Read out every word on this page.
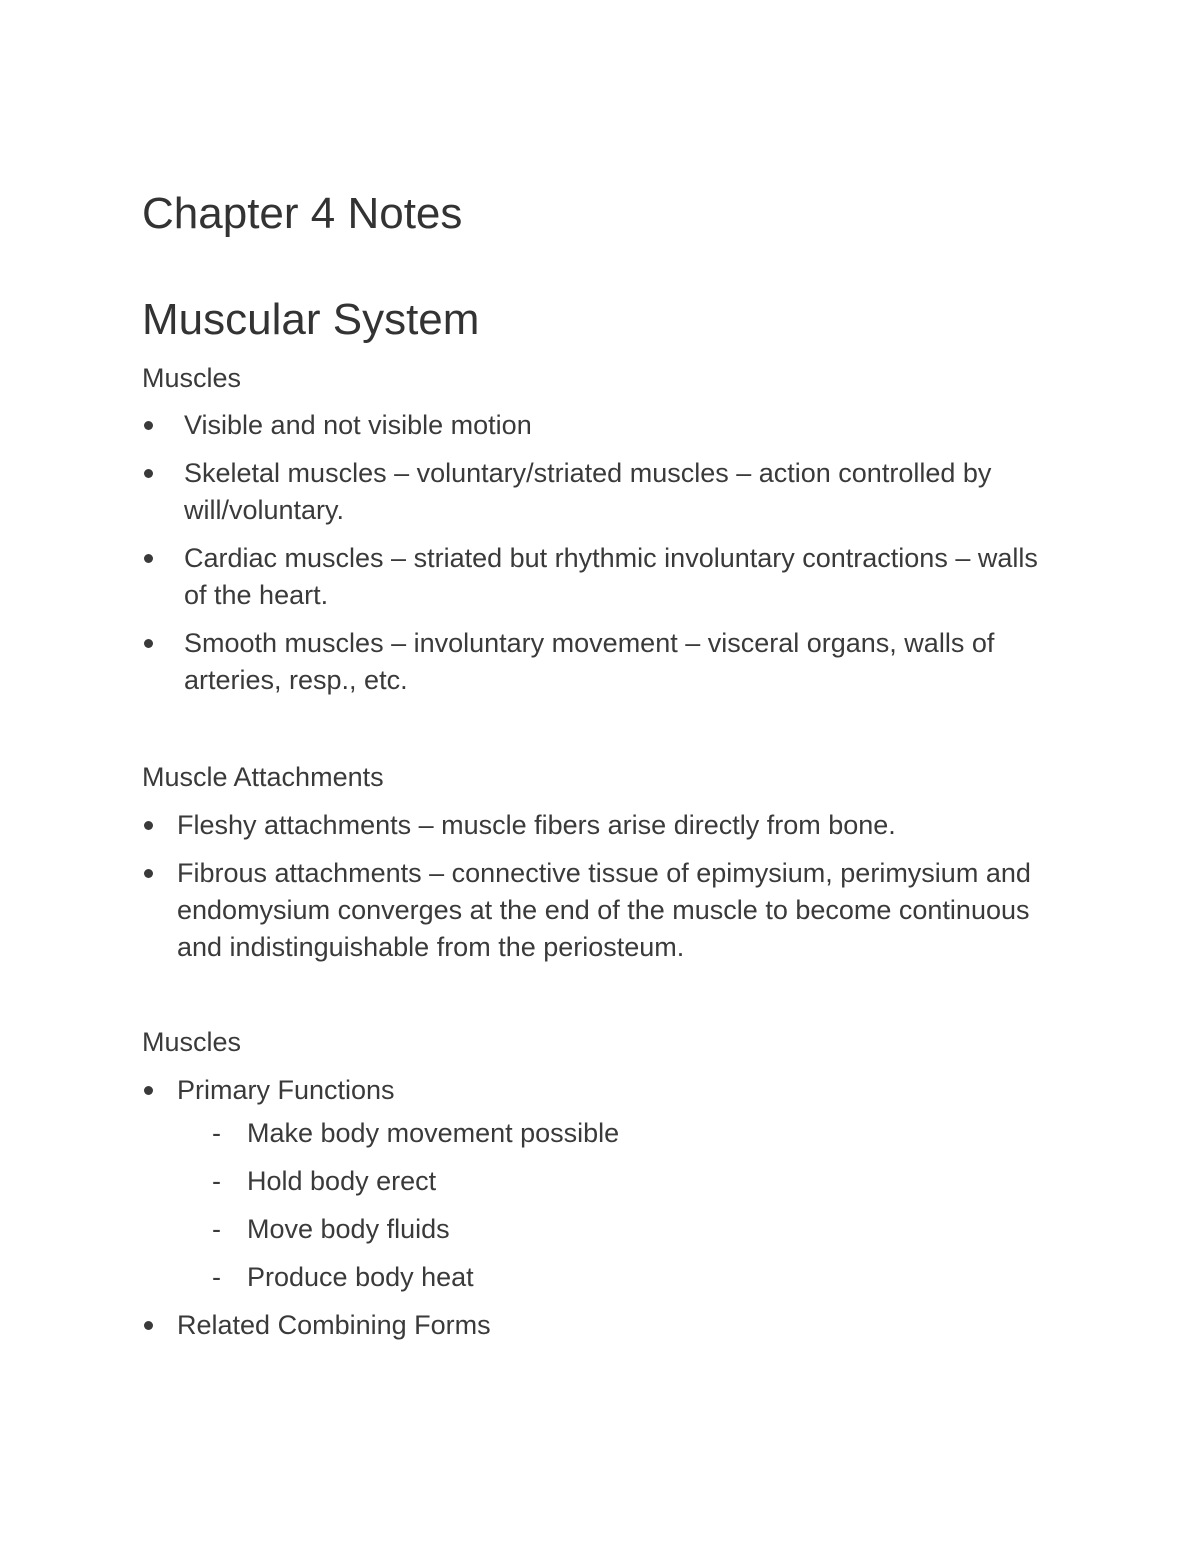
Chapter 4 Notes
Muscular System

Muscles

Visible and not visible motion
Skeletal muscles – voluntary/striated muscles – action controlled by will/voluntary.
Cardiac muscles – striated but rhythmic involuntary contractions – walls of the heart.
Smooth muscles – involuntary movement – visceral organs, walls of arteries, resp., etc.

Muscle Attachments

Fleshy attachments – muscle fibers arise directly from bone.
Fibrous attachments – connective tissue of epimysium, perimysium and endomysium converges at the end of the muscle to become continuous and indistinguishable from the periosteum.

Muscles

Primary Functions
- Make body movement possible
- Hold body erect
- Move body fluids
- Produce body heat
Related Combining Forms
